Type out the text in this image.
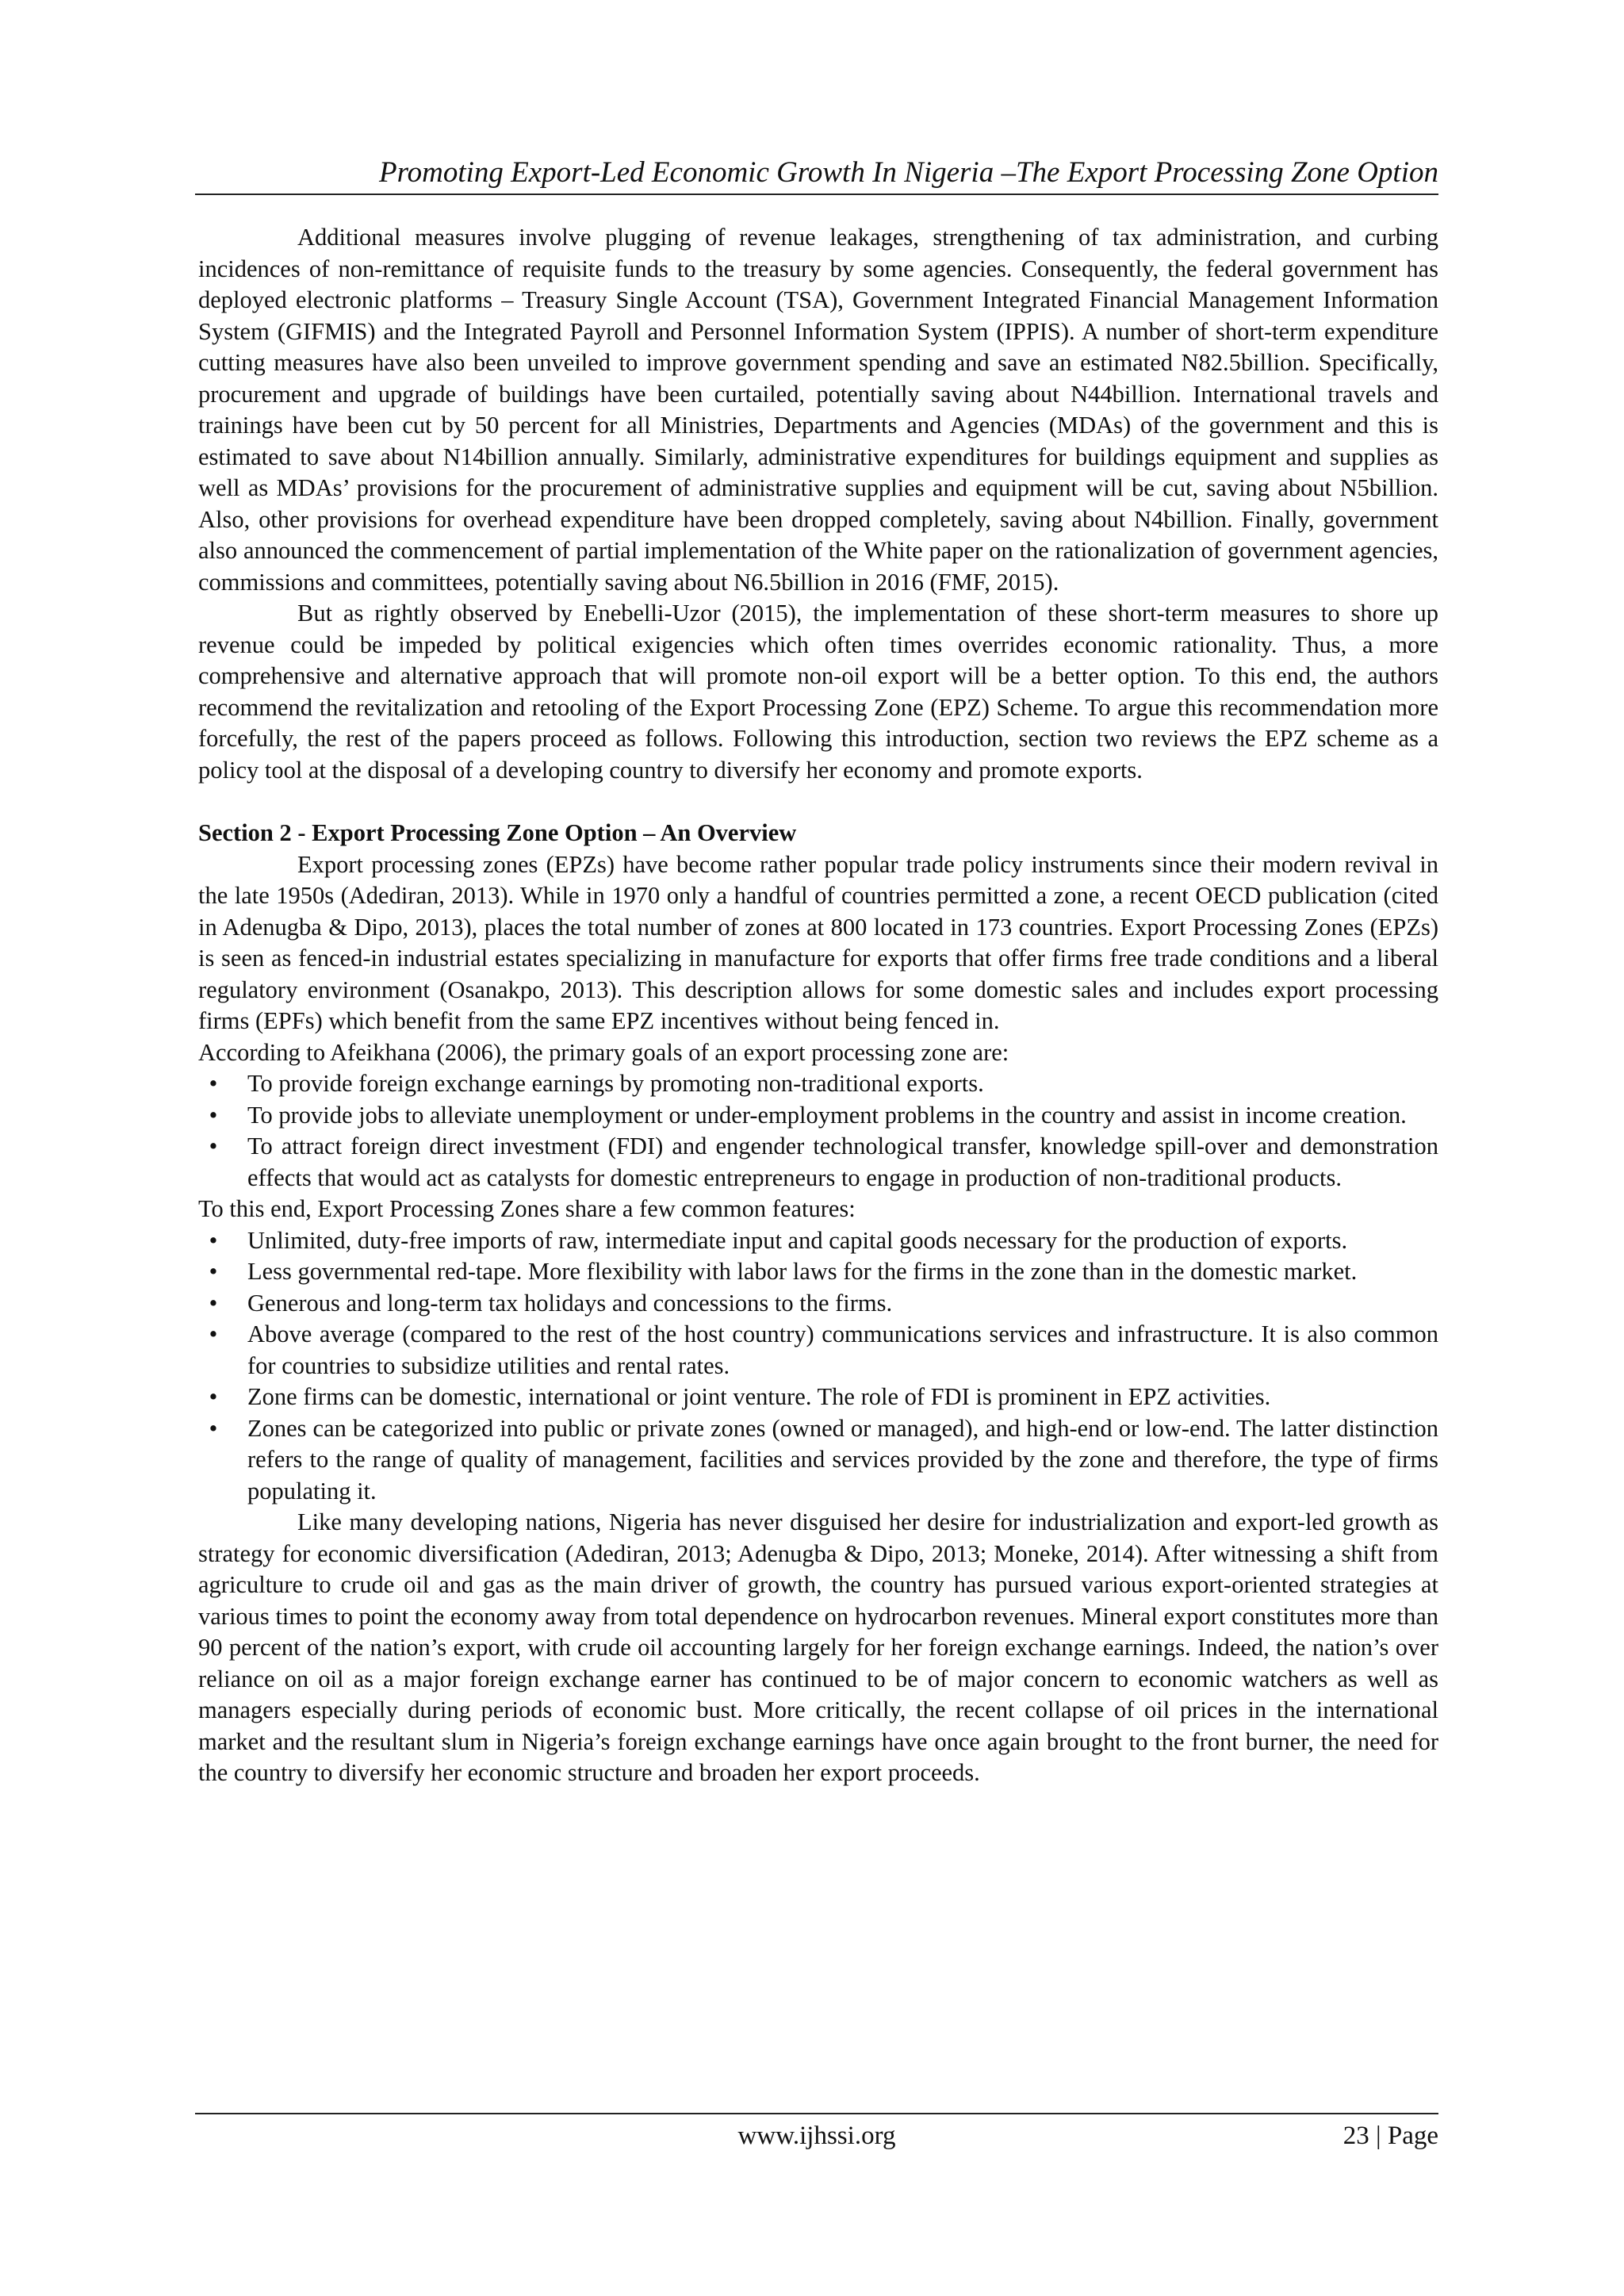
Promoting Export-Led Economic Growth In Nigeria –The Export Processing Zone Option

Additional measures involve plugging of revenue leakages, strengthening of tax administration, and curbing incidences of non-remittance of requisite funds to the treasury by some agencies. Consequently, the federal government has deployed electronic platforms – Treasury Single Account (TSA), Government Integrated Financial Management Information System (GIFMIS) and the Integrated Payroll and Personnel Information System (IPPIS). A number of short-term expenditure cutting measures have also been unveiled to improve government spending and save an estimated N82.5billion. Specifically, procurement and upgrade of buildings have been curtailed, potentially saving about N44billion. International travels and trainings have been cut by 50 percent for all Ministries, Departments and Agencies (MDAs) of the government and this is estimated to save about N14billion annually. Similarly, administrative expenditures for buildings equipment and supplies as well as MDAs’ provisions for the procurement of administrative supplies and equipment will be cut, saving about N5billion. Also, other provisions for overhead expenditure have been dropped completely, saving about N4billion. Finally, government also announced the commencement of partial implementation of the White paper on the rationalization of government agencies, commissions and committees, potentially saving about N6.5billion in 2016 (FMF, 2015).

But as rightly observed by Enebelli-Uzor (2015), the implementation of these short-term measures to shore up revenue could be impeded by political exigencies which often times overrides economic rationality. Thus, a more comprehensive and alternative approach that will promote non-oil export will be a better option. To this end, the authors recommend the revitalization and retooling of the Export Processing Zone (EPZ) Scheme. To argue this recommendation more forcefully, the rest of the papers proceed as follows. Following this introduction, section two reviews the EPZ scheme as a policy tool at the disposal of a developing country to diversify her economy and promote exports.

Section 2 - Export Processing Zone Option – An Overview

Export processing zones (EPZs) have become rather popular trade policy instruments since their modern revival in the late 1950s (Adediran, 2013). While in 1970 only a handful of countries permitted a zone, a recent OECD publication (cited in Adenugba & Dipo, 2013), places the total number of zones at 800 located in 173 countries. Export Processing Zones (EPZs) is seen as fenced-in industrial estates specializing in manufacture for exports that offer firms free trade conditions and a liberal regulatory environment (Osanakpo, 2013). This description allows for some domestic sales and includes export processing firms (EPFs) which benefit from the same EPZ incentives without being fenced in.

According to Afeikhana (2006), the primary goals of an export processing zone are:

•	To provide foreign exchange earnings by promoting non-traditional exports.
•	To provide jobs to alleviate unemployment or under-employment problems in the country and assist in income creation.
•	To attract foreign direct investment (FDI) and engender technological transfer, knowledge spill-over and demonstration effects that would act as catalysts for domestic entrepreneurs to engage in production of non-traditional products.

To this end, Export Processing Zones share a few common features:

•	Unlimited, duty-free imports of raw, intermediate input and capital goods necessary for the production of exports.
•	Less governmental red-tape. More flexibility with labor laws for the firms in the zone than in the domestic market.
•	Generous and long-term tax holidays and concessions to the firms.
•	Above average (compared to the rest of the host country) communications services and infrastructure. It is also common for countries to subsidize utilities and rental rates.
•	Zone firms can be domestic, international or joint venture. The role of FDI is prominent in EPZ activities.
•	Zones can be categorized into public or private zones (owned or managed), and high-end or low-end. The latter distinction refers to the range of quality of management, facilities and services provided by the zone and therefore, the type of firms populating it.

Like many developing nations, Nigeria has never disguised her desire for industrialization and export-led growth as strategy for economic diversification (Adediran, 2013; Adenugba & Dipo, 2013; Moneke, 2014). After witnessing a shift from agriculture to crude oil and gas as the main driver of growth, the country has pursued various export-oriented strategies at various times to point the economy away from total dependence on hydrocarbon revenues. Mineral export constitutes more than 90 percent of the nation’s export, with crude oil accounting largely for her foreign exchange earnings. Indeed, the nation’s over reliance on oil as a major foreign exchange earner has continued to be of major concern to economic watchers as well as managers especially during periods of economic bust. More critically, the recent collapse of oil prices in the international market and the resultant slum in Nigeria’s foreign exchange earnings have once again brought to the front burner, the need for the country to diversify her economic structure and broaden her export proceeds.

www.ijhssi.org	23 | Page
